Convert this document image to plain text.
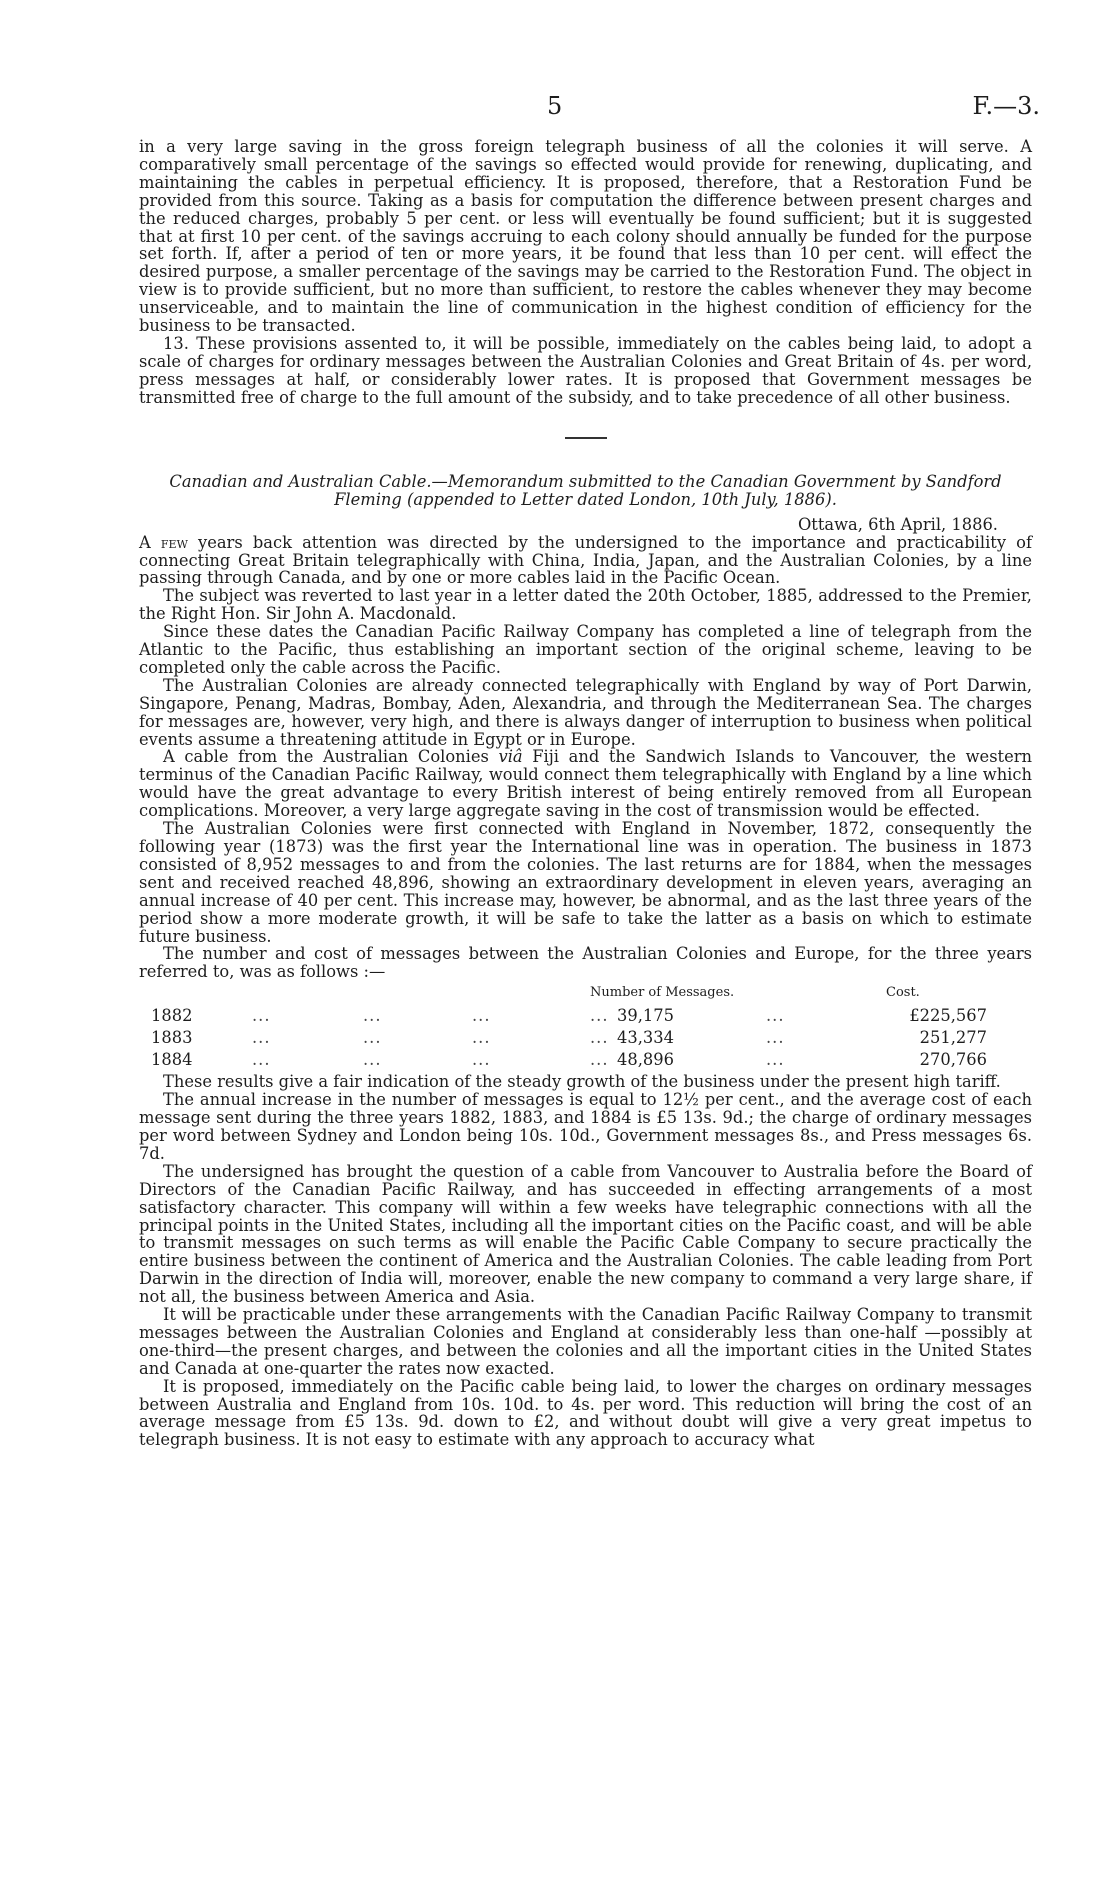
5	F.—3.

in a very large saving in the gross foreign telegraph business of all the colonies it will serve. A comparatively small percentage of the savings so effected would provide for renewing, duplicating, and maintaining the cables in perpetual efficiency. It is proposed, therefore, that a Restoration Fund be provided from this source. Taking as a basis for computation the difference between present charges and the reduced charges, probably 5 per cent. or less will eventually be found sufficient; but it is suggested that at first 10 per cent. of the savings accruing to each colony should annually be funded for the purpose set forth. If, after a period of ten or more years, it be found that less than 10 per cent. will effect the desired purpose, a smaller percentage of the savings may be carried to the Restoration Fund. The object in view is to provide sufficient, but no more than sufficient, to restore the cables whenever they may become unserviceable, and to maintain the line of communication in the highest condition of efficiency for the business to be transacted.

13. These provisions assented to, it will be possible, immediately on the cables being laid, to adopt a scale of charges for ordinary messages between the Australian Colonies and Great Britain of 4s. per word, press messages at half, or considerably lower rates. It is proposed that Government messages be transmitted free of charge to the full amount of the subsidy, and to take precedence of all other business.

Canadian and Australian Cable.—Memorandum submitted to the Canadian Government by Sandford Fleming (appended to Letter dated London, 10th July, 1886).
Ottawa, 6th April, 1886.

A few years back attention was directed by the undersigned to the importance and practicability of connecting Great Britain telegraphically with China, India, Japan, and the Australian Colonies, by a line passing through Canada, and by one or more cables laid in the Pacific Ocean.

The subject was reverted to last year in a letter dated the 20th October, 1885, addressed to the Premier, the Right Hon. Sir John A. Macdonald.

Since these dates the Canadian Pacific Railway Company has completed a line of telegraph from the Atlantic to the Pacific, thus establishing an important section of the original scheme, leaving to be completed only the cable across the Pacific.

The Australian Colonies are already connected telegraphically with England by way of Port Darwin, Singapore, Penang, Madras, Bombay, Aden, Alexandria, and through the Mediterranean Sea. The charges for messages are, however, very high, and there is always danger of interruption to business when political events assume a threatening attitude in Egypt or in Europe.

A cable from the Australian Colonies viâ Fiji and the Sandwich Islands to Vancouver, the western terminus of the Canadian Pacific Railway, would connect them telegraphically with England by a line which would have the great advantage to every British interest of being entirely removed from all European complications. Moreover, a very large aggregate saving in the cost of transmission would be effected.

The Australian Colonies were first connected with England in November, 1872, consequently the following year (1873) was the first year the International line was in operation. The business in 1873 consisted of 8,952 messages to and from the colonies. The last returns are for 1884, when the messages sent and received reached 48,896, showing an extraordinary development in eleven years, averaging an annual increase of 40 per cent. This increase may, however, be abnormal, and as the last three years of the period show a more moderate growth, it will be safe to take the latter as a basis on which to estimate future business.

The number and cost of messages between the Australian Colonies and Europe, for the three years referred to, was as follows :—

Number of Messages.	Cost.
1882	...	...	...	... 39,175	...	£225,567
1883	...	...	...	... 43,334	...	251,277
1884	...	...	...	... 48,896	...	270,766

These results give a fair indication of the steady growth of the business under the present high tariff.

The annual increase in the number of messages is equal to 12½ per cent., and the average cost of each message sent during the three years 1882, 1883, and 1884 is £5 13s. 9d.; the charge of ordinary messages per word between Sydney and London being 10s. 10d., Government messages 8s., and Press messages 6s. 7d.

The undersigned has brought the question of a cable from Vancouver to Australia before the Board of Directors of the Canadian Pacific Railway, and has succeeded in effecting arrangements of a most satisfactory character. This company will within a few weeks have telegraphic connections with all the principal points in the United States, including all the important cities on the Pacific coast, and will be able to transmit messages on such terms as will enable the Pacific Cable Company to secure practically the entire business between the continent of America and the Australian Colonies. The cable leading from Port Darwin in the direction of India will, moreover, enable the new company to command a very large share, if not all, the business between America and Asia.

It will be practicable under these arrangements with the Canadian Pacific Railway Company to transmit messages between the Australian Colonies and England at considerably less than one-half —possibly at one-third—the present charges, and between the colonies and all the important cities in the United States and Canada at one-quarter the rates now exacted.

It is proposed, immediately on the Pacific cable being laid, to lower the charges on ordinary messages between Australia and England from 10s. 10d. to 4s. per word. This reduction will bring the cost of an average message from £5 13s. 9d. down to £2, and without doubt will give a very great impetus to telegraph business. It is not easy to estimate with any approach to accuracy what
